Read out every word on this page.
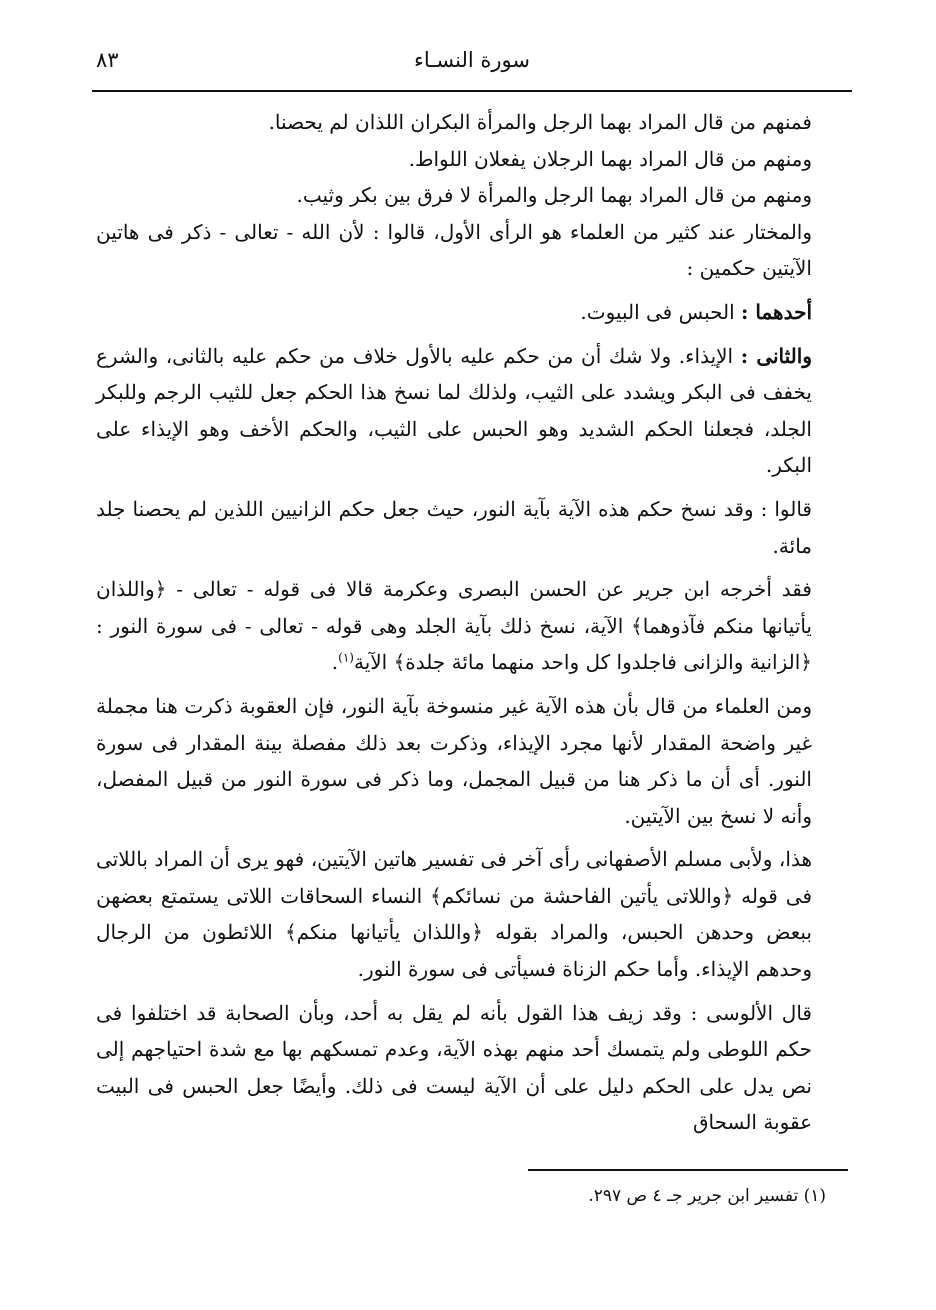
سورة النسـاء
٨٣

فمنهم من قال المراد بهما الرجل والمرأة البكران اللذان لم يحصنا.

ومنهم من قال المراد بهما الرجلان يفعلان اللواط.

ومنهم من قال المراد بهما الرجل والمرأة لا فرق بين بكر وثيب.

والمختار عند كثير من العلماء هو الرأى الأول، قالوا : لأن الله - تعالى - ذكر فى هاتين الآيتين حكمين :

أحدهما : الحبس فى البيوت.

والثانى : الإيذاء. ولا شك أن من حكم عليه بالأول خلاف من حكم عليه بالثانى، والشرع يخفف فى البكر ويشدد على الثيب، ولذلك لما نسخ هذا الحكم جعل للثيب الرجم وللبكر الجلد، فجعلنا الحكم الشديد وهو الحبس على الثيب، والحكم الأخف وهو الإيذاء على البكر.

قالوا : وقد نسخ حكم هذه الآية بآية النور، حيث جعل حكم الزانيين اللذين لم يحصنا جلد مائة.

فقد أخرجه ابن جرير عن الحسن البصرى وعكرمة قالا فى قوله - تعالى - ﴿واللذان يأتيانها منكم فآذوهما﴾ الآية، نسخ ذلك بآية الجلد وهى قوله - تعالى - فى سورة النور : ﴿الزانية والزانى فاجلدوا كل واحد منهما مائة جلدة﴾ الآية$^{(١)}$.

ومن العلماء من قال بأن هذه الآية غير منسوخة بآية النور، فإن العقوبة ذكرت هنا مجملة غير واضحة المقدار لأنها مجرد الإيذاء، وذكرت بعد ذلك مفصلة بينة المقدار فى سورة النور. أى أن ما ذكر هنا من قبيل المجمل، وما ذكر فى سورة النور من قبيل المفصل، وأنه لا نسخ بين الآيتين.

هذا، ولأبى مسلم الأصفهانى رأى آخر فى تفسير هاتين الآيتين، فهو يرى أن المراد باللاتى فى قوله ﴿واللاتى يأتين الفاحشة من نسائكم﴾ النساء السحاقات اللاتى يستمتع بعضهن ببعض وحدهن الحبس، والمراد بقوله ﴿واللذان يأتيانها منكم﴾ اللائطون من الرجال وحدهم الإيذاء. وأما حكم الزناة فسيأتى فى سورة النور.

قال الألوسى : وقد زيف هذا القول بأنه لم يقل به أحد، وبأن الصحابة قد اختلفوا فى حكم اللوطى ولم يتمسك أحد منهم بهذه الآية، وعدم تمسكهم بها مع شدة احتياجهم إلى نص يدل على الحكم دليل على أن الآية ليست فى ذلك. وأيضًا جعل الحبس فى البيت عقوبة السحاق

(١) تفسير ابن جرير جـ ٤ ص ٢٩٧.
